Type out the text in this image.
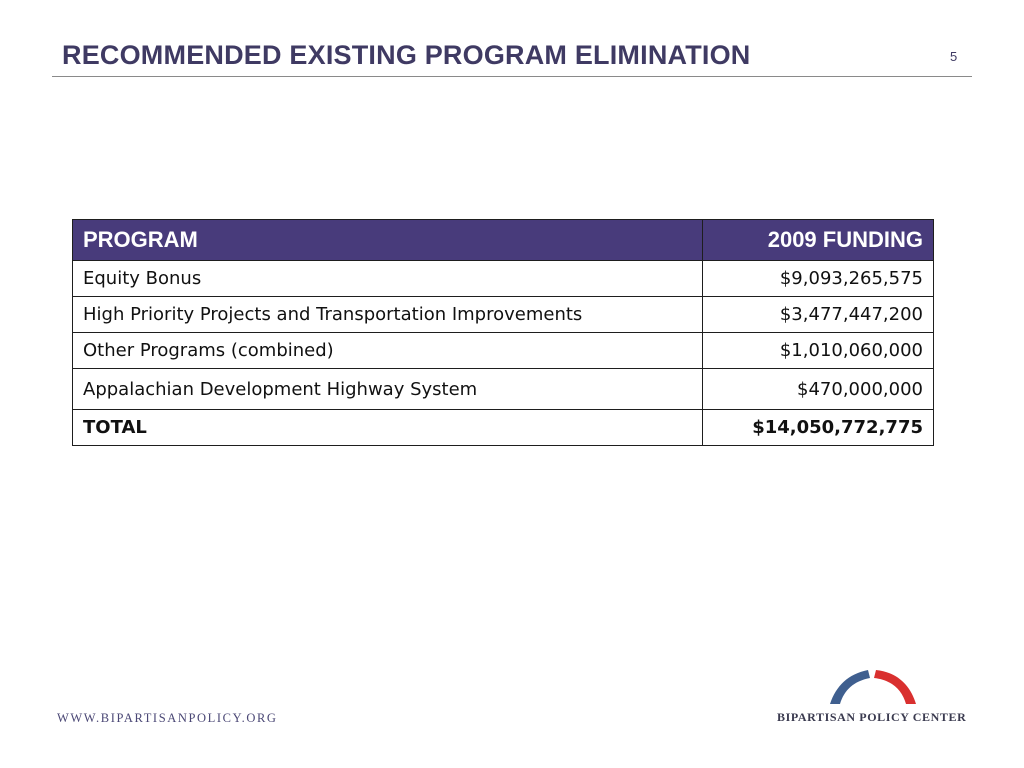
RECOMMENDED EXISTING PROGRAM ELIMINATION	5
PROGRAM	2009 FUNDING
Equity Bonus	$9,093,265,575
High Priority Projects and Transportation Improvements	$3,477,447,200
Other Programs (combined)	$1,010,060,000
Appalachian Development Highway System	$470,000,000
TOTAL	$14,050,772,775
WWW.BIPARTISANPOLICY.ORG	BIPARTISAN POLICY CENTER
